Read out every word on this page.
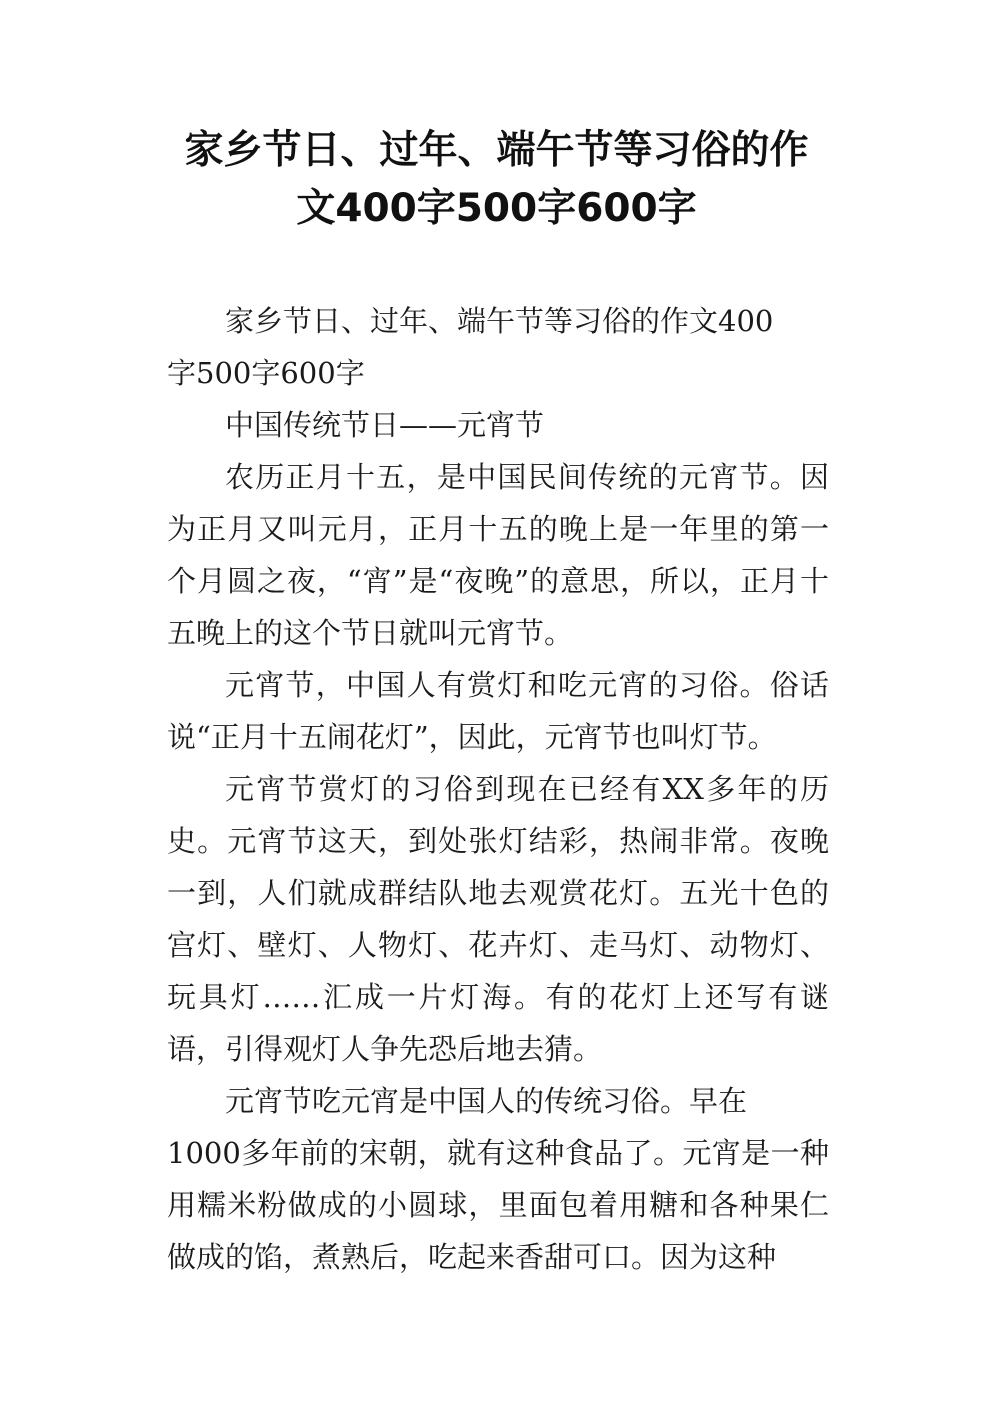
家乡节日、过年、端午节等习俗的作
文400字500字600字

家乡节日、过年、端午节等习俗的作文400
字500字600字

中国传统节日——元宵节

农历正月十五，是中国民间传统的元宵节。因为正月又叫元月，正月十五的晚上是一年里的第一个月圆之夜，“宵”是“夜晚”的意思，所以，正月十五晚上的这个节日就叫元宵节。

元宵节，中国人有赏灯和吃元宵的习俗。俗话说“正月十五闹花灯”，因此，元宵节也叫灯节。

元宵节赏灯的习俗到现在已经有XX多年的历史。元宵节这天，到处张灯结彩，热闹非常。夜晚一到，人们就成群结队地去观赏花灯。五光十色的宫灯、壁灯、人物灯、花卉灯、走马灯、动物灯、玩具灯……汇成一片灯海。有的花灯上还写有谜语，引得观灯人争先恐后地去猜。

元宵节吃元宵是中国人的传统习俗。早在
1000多年前的宋朝，就有这种食品了。元宵是一种用糯米粉做成的小圆球，里面包着用糖和各种果仁做成的馅，煮熟后，吃起来香甜可口。因为这种
